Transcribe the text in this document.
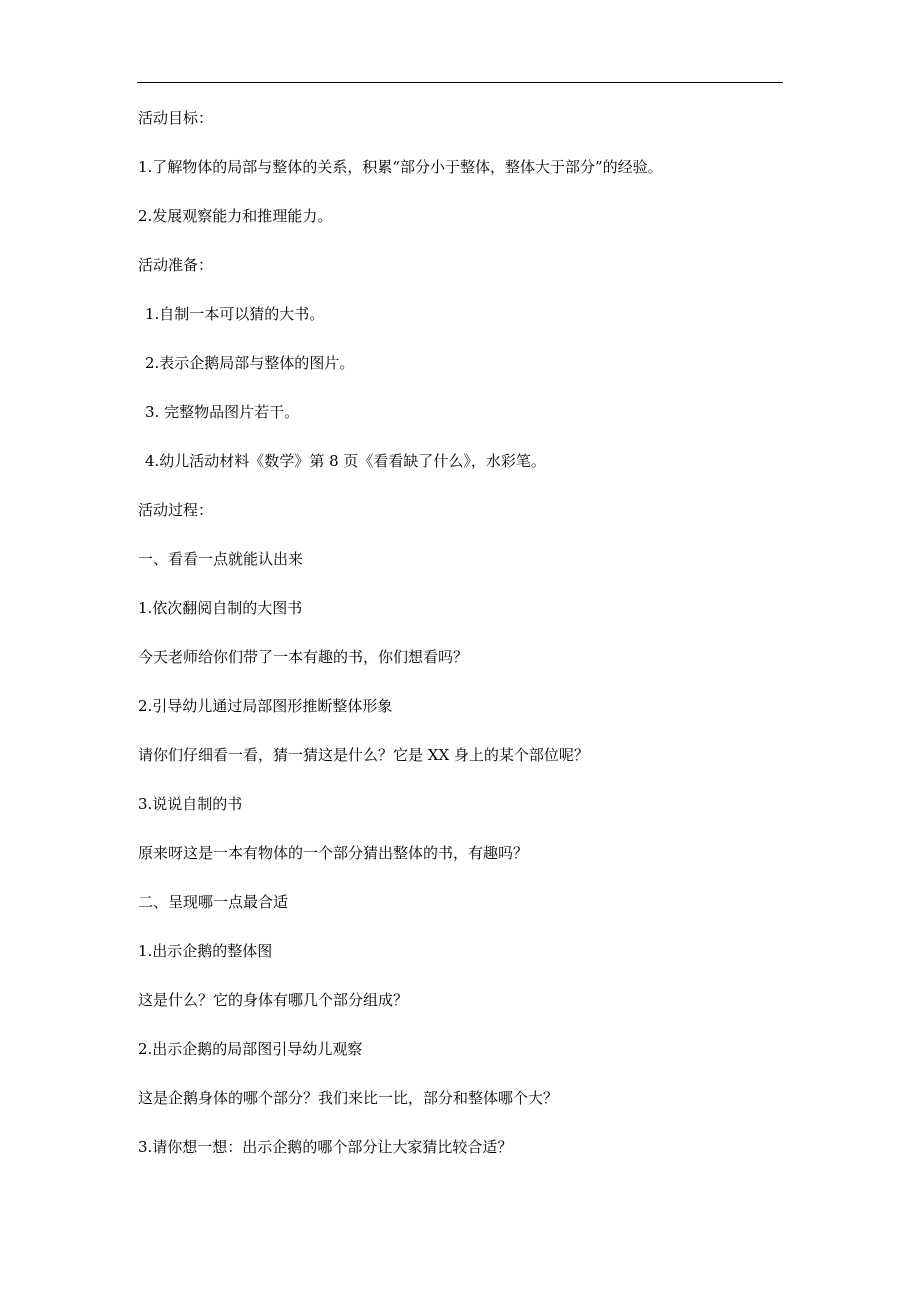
活动目标：
1.了解物体的局部与整体的关系，积累“部分小于整体，整体大于部分”的经验。
2.发展观察能力和推理能力。
活动准备：
1.自制一本可以猜的大书。
2.表示企鹅局部与整体的图片。
3. 完整物品图片若干。
4.幼儿活动材料《数学》第 8 页《看看缺了什么》，水彩笔。
活动过程：
一、看看一点就能认出来
1.依次翻阅自制的大图书
今天老师给你们带了一本有趣的书，你们想看吗？
2.引导幼儿通过局部图形推断整体形象
请你们仔细看一看，猜一猜这是什么？它是 XX 身上的某个部位呢？
3.说说自制的书
原来呀这是一本有物体的一个部分猜出整体的书，有趣吗？
二、呈现哪一点最合适
1.出示企鹅的整体图
这是什么？它的身体有哪几个部分组成？
2.出示企鹅的局部图引导幼儿观察
这是企鹅身体的哪个部分？我们来比一比，部分和整体哪个大？
3.请你想一想：出示企鹅的哪个部分让大家猜比较合适？
